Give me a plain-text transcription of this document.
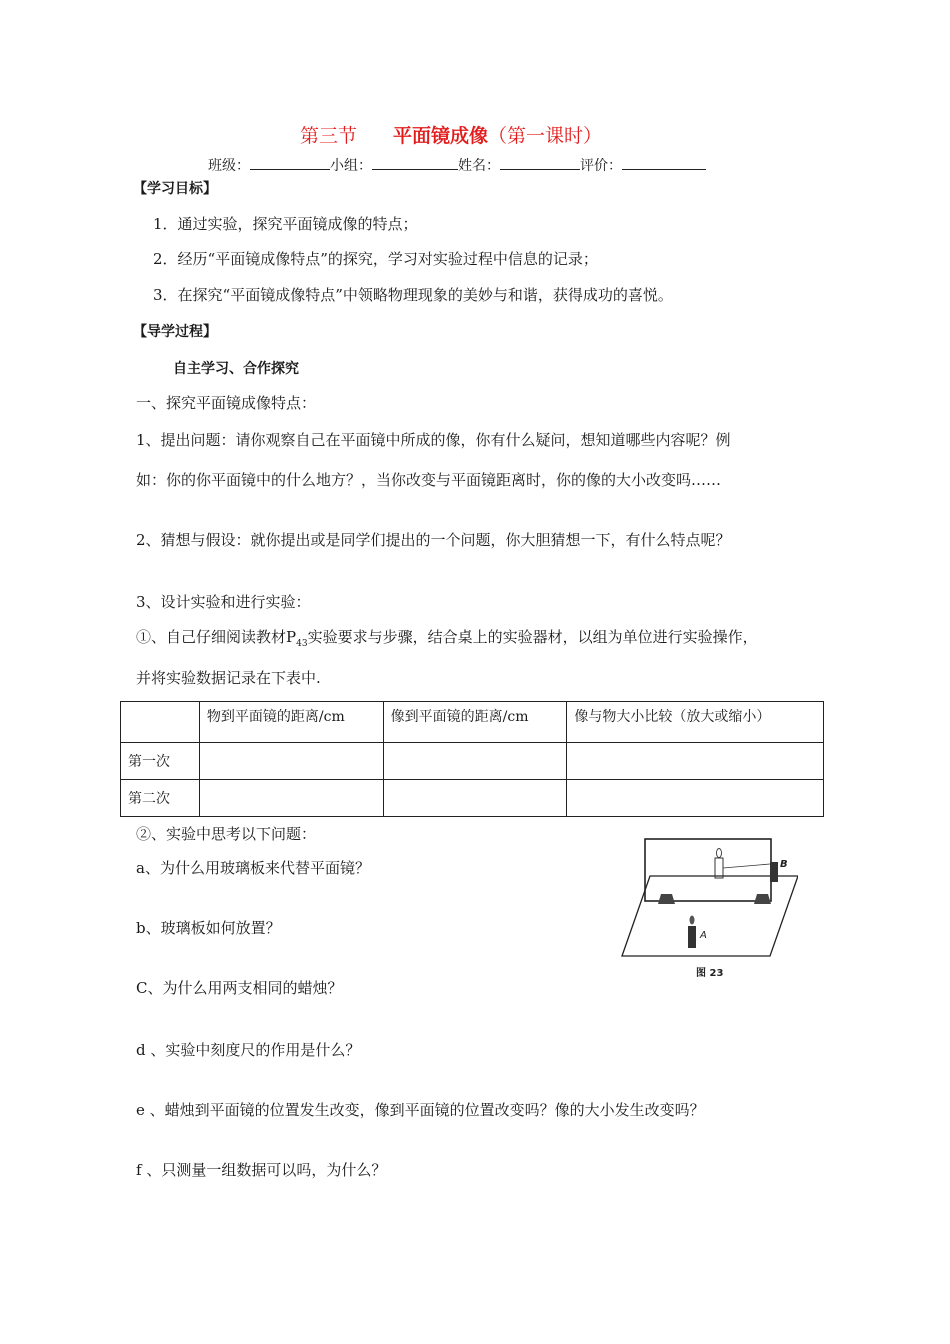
第三节 平面镜成像（第一课时）
班级：	小组：	姓名：	评价：
【学习目标】
1．通过实验，探究平面镜成像的特点；
2．经历“平面镜成像特点”的探究，学习对实验过程中信息的记录；
3．在探究“平面镜成像特点”中领略物理现象的美妙与和谐，获得成功的喜悦。
【导学过程】
自主学习、合作探究
一、探究平面镜成像特点：
1、提出问题：请你观察自己在平面镜中所成的像，你有什么疑问，想知道哪些内容呢？例
如：你的你平面镜中的什么地方？，当你改变与平面镜距离时，你的像的大小改变吗……
2、猜想与假设：就你提出或是同学们提出的一个问题，你大胆猜想一下，有什么特点呢？
3、设计实验和进行实验：
①、自己仔细阅读教材$P_{43}$实验要求与步骤，结合桌上的实验器材，以组为单位进行实验操作，
并将实验数据记录在下表中.
	物到平面镜的距离/cm	像到平面镜的距离/cm	像与物大小比较（放大或缩小）
第一次			
第二次			
②、实验中思考以下问题：
a、为什么用玻璃板来代替平面镜？
b、玻璃板如何放置？
C、为什么用两支相同的蜡烛？
d 、实验中刻度尺的作用是什么？
e 、蜡烛到平面镜的位置发生改变，像到平面镜的位置改变吗？像的大小发生改变吗？
f 、只测量一组数据可以吗，为什么？
B
A
图 23
